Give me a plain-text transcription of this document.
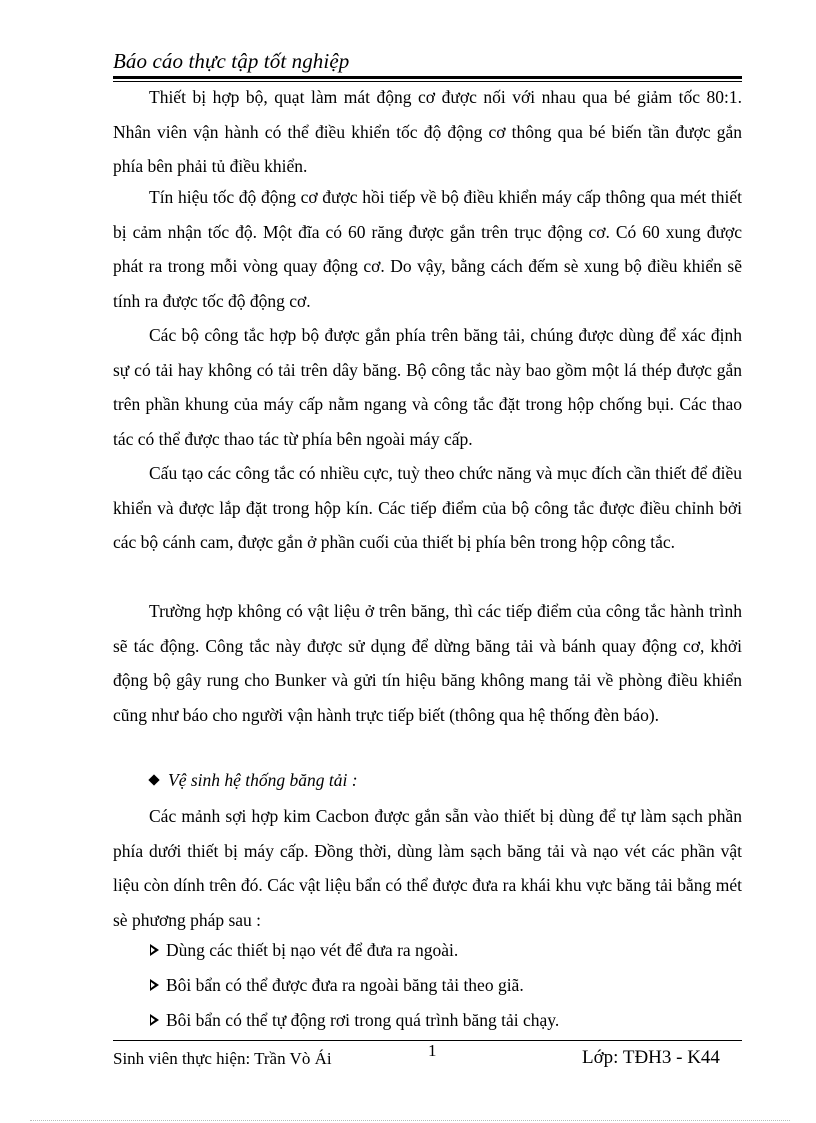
Báo cáo thực tập tốt nghiệp

Thiết bị hợp bộ, quạt làm mát động cơ được nối với nhau qua bé giảm tốc 80:1. Nhân viên vận hành có thể điều khiển tốc độ động cơ thông qua bé biến tần được gắn phía bên phải tủ điều khiển.

Tín hiệu tốc độ động cơ được hồi tiếp về bộ điều khiển máy cấp thông qua mét thiết bị cảm nhận tốc độ. Một đĩa có 60 răng được gắn trên trục động cơ. Có 60 xung được phát ra trong mỗi vòng quay động cơ. Do vậy, bằng cách đếm sè xung bộ điều khiển sẽ tính ra được tốc độ động cơ.

Các bộ công tắc hợp bộ được gắn phía trên băng tải, chúng được dùng để xác định sự có tải hay không có tải trên dây băng. Bộ công tắc này bao gồm một lá thép được gắn trên phần khung của máy cấp nằm ngang và công tắc đặt trong hộp chống bụi. Các thao tác có thể được thao tác từ phía bên ngoài máy cấp.

Cấu tạo các công tắc có nhiều cực, tuỳ theo chức năng và mục đích cần thiết để điều khiển và được lắp đặt trong hộp kín. Các tiếp điểm của bộ công tắc được điều chỉnh bởi các bộ cánh cam, được gắn ở phần cuối của thiết bị phía bên trong hộp công tắc.

Trường hợp không có vật liệu ở trên băng, thì các tiếp điểm của công tắc hành trình sẽ tác động. Công tắc này được sử dụng để dừng băng tải và bánh quay động cơ, khởi động bộ gây rung cho Bunker và gửi tín hiệu băng không mang tải về phòng điều khiển cũng như báo cho người vận hành trực tiếp biết (thông qua hệ thống đèn báo).

Vệ sinh hệ thống băng tải :

Các mảnh sợi hợp kim Cacbon được gắn sẵn vào thiết bị dùng để tự làm sạch phần phía dưới thiết bị máy cấp. Đồng thời, dùng làm sạch băng tải và nạo vét các phần vật liệu còn dính trên đó. Các vật liệu bẩn có thể được đưa ra khái khu vực băng tải bằng mét sè phương pháp sau :

Dùng các thiết bị nạo vét để đưa ra ngoài.
Bôi bẩn có thể được đưa ra ngoài băng tải theo giã.
Bôi bẩn có thể tự động rơi trong quá trình băng tải chạy.
Sinh viên thực hiện: Trần Vò Ái	1	Lớp: TĐH3 - K44
